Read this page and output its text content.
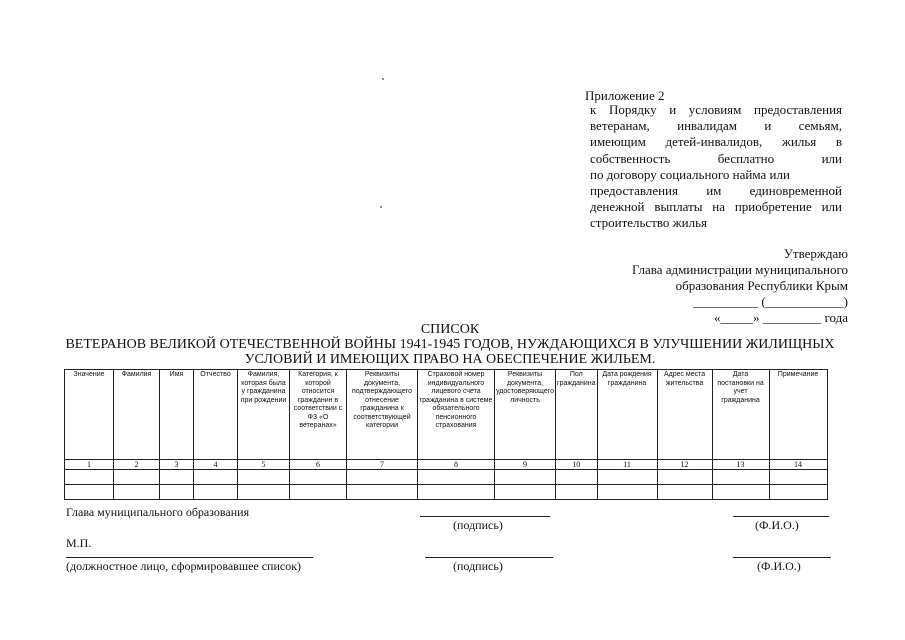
Приложение 2
к Порядку и условиям предоставления
ветеранам, инвалидам и семьям,
имеющим детей-инвалидов, жилья в
собственность бесплатно или
по договору социального найма или
предоставления им единовременной
денежной выплаты на приобретение или
строительство жилья
Утверждаю
Глава администрации муниципального
образования Республики Крым
__________ (____________)
«_____» _________ года
СПИСОК
ВЕТЕРАНОВ ВЕЛИКОЙ ОТЕЧЕСТВЕННОЙ ВОЙНЫ 1941-1945 ГОДОВ, НУЖДАЮЩИХСЯ В УЛУЧШЕНИИ ЖИЛИЩНЫХ
УСЛОВИЙ И ИМЕЮЩИХ ПРАВО НА ОБЕСПЕЧЕНИЕ ЖИЛЬЕМ.
Значение	Фамилия	Имя	Отчество	Фамилия, которая была у гражданина при рождении	Категория, к которой относится гражданин в соответствии с ФЗ «О ветеранах»	Реквизиты документа, подтверждающего отнесение гражданина к соответствующей категории	Страховой номер индивидуального лицевого счета гражданина в системе обязательного пенсионного страхования	Реквизиты документа, удостоверяющего личность	Пол гражданина	Дата рождения гражданина	Адрес места жительства	Дата постановки на учет гражданина	Примечание
1	2	3	4	5	6	7	8	9	10	11	12	13	14

Глава муниципального образования
(подпись)	(Ф.И.О.)
М.П.
(должностное лицо, сформировавшее список)	(подпись)	(Ф.И.О.)
